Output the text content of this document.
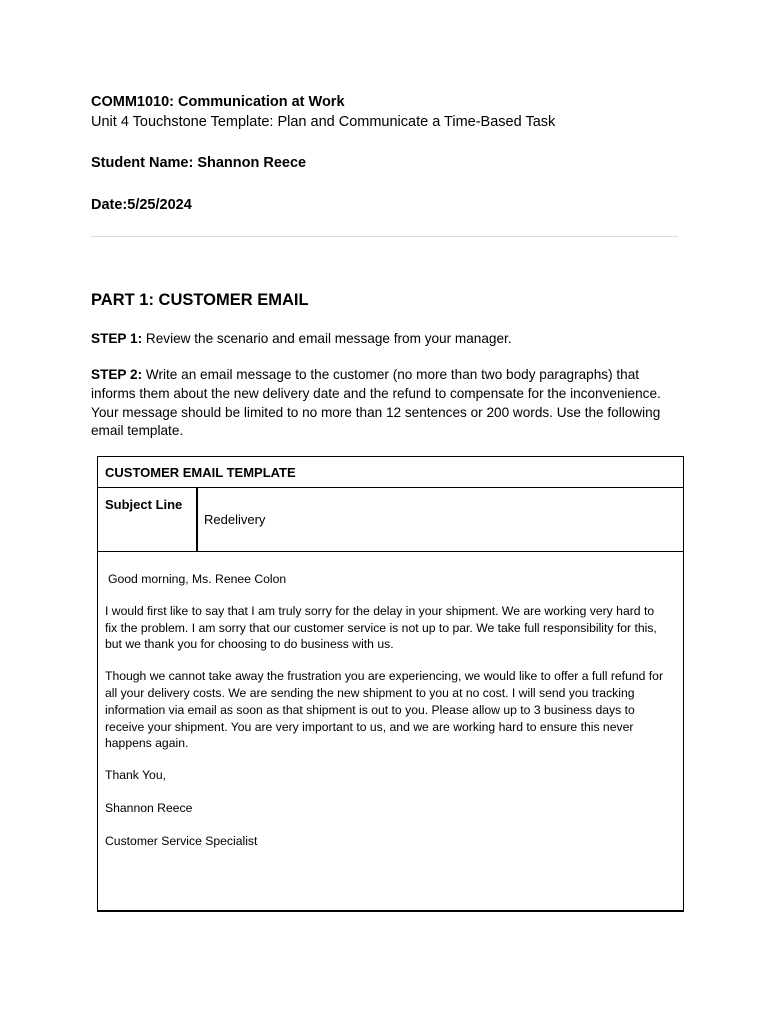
COMM1010: Communication at Work
Unit 4 Touchstone Template: Plan and Communicate a Time-Based Task
Student Name: Shannon Reece
Date:5/25/2024
PART 1: CUSTOMER EMAIL
STEP 1: Review the scenario and email message from your manager.
STEP 2: Write an email message to the customer (no more than two body paragraphs) that
informs them about the new delivery date and the refund to compensate for the inconvenience.
Your message should be limited to no more than 12 sentences or 200 words. Use the following
email template.
CUSTOMER EMAIL TEMPLATE
Subject Line
Redelivery

Good morning, Ms. Renee Colon

I would first like to say that I am truly sorry for the delay in your shipment. We are working very hard to
fix the problem. I am sorry that our customer service is not up to par. We take full responsibility for this,
but we thank you for choosing to do business with us.

Though we cannot take away the frustration you are experiencing, we would like to offer a full refund for
all your delivery costs. We are sending the new shipment to you at no cost. I will send you tracking
information via email as soon as that shipment is out to you. Please allow up to 3 business days to
receive your shipment. You are very important to us, and we are working hard to ensure this never
happens again.

Thank You,

Shannon Reece

Customer Service Specialist
